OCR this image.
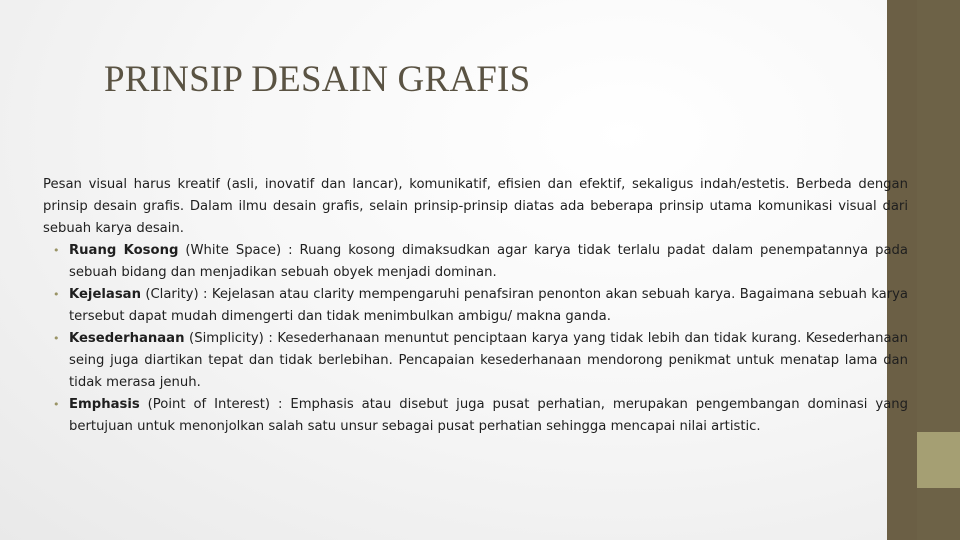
PRINSIP DESAIN GRAFIS

Pesan visual harus kreatif (asli, inovatif dan lancar), komunikatif, efisien dan efektif, sekaligus indah/estetis. Berbeda dengan prinsip desain grafis. Dalam ilmu desain grafis, selain prinsip-prinsip diatas ada beberapa prinsip utama komunikasi visual dari sebuah karya desain.

• Ruang Kosong (White Space) : Ruang kosong dimaksudkan agar karya tidak terlalu padat dalam penempatannya pada sebuah bidang dan menjadikan sebuah obyek menjadi dominan.
• Kejelasan (Clarity) : Kejelasan atau clarity mempengaruhi penafsiran penonton akan sebuah karya. Bagaimana sebuah karya tersebut dapat mudah dimengerti dan tidak menimbulkan ambigu/ makna ganda.
• Kesederhanaan (Simplicity) : Kesederhanaan menuntut penciptaan karya yang tidak lebih dan tidak kurang. Kesederhanaan seing juga diartikan tepat dan tidak berlebihan. Pencapaian kesederhanaan mendorong penikmat untuk menatap lama dan tidak merasa jenuh.
• Emphasis (Point of Interest) : Emphasis atau disebut juga pusat perhatian, merupakan pengembangan dominasi yang bertujuan untuk menonjolkan salah satu unsur sebagai pusat perhatian sehingga mencapai nilai artistic.
